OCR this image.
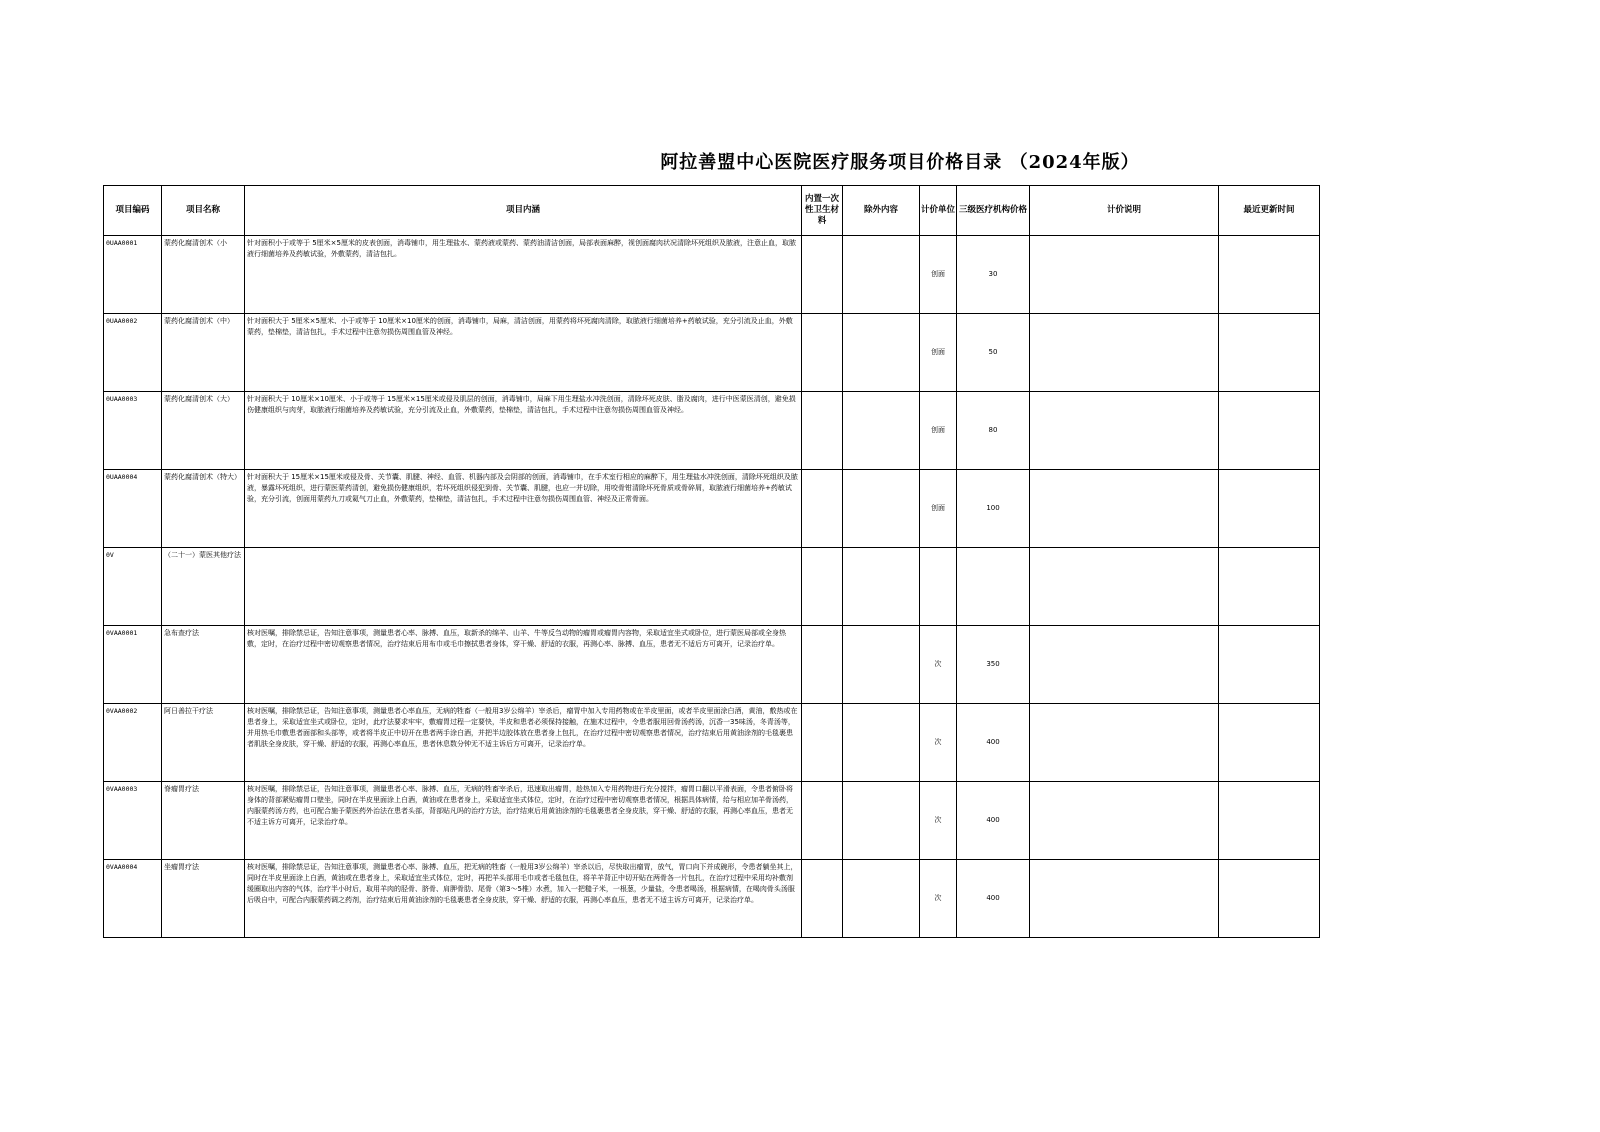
阿拉善盟中心医院医疗服务项目价格目录 （2024年版）
项目编码	项目名称	项目内涵	内置一次性卫生材料	除外内容	计价单位	三级医疗机构价格	计价说明	最近更新时间

0UAA0001	蒙药化腐清创术（小	针对面积小于或等于 5厘米×5厘米的皮表创面，消毒铺巾，用生理盐水、蒙药液或蒙药、蒙药油清洁创面，局部表面麻醉，视创面腐肉状况清除坏死组织及脓液，注意止血，取脓液行细菌培养及药敏试验，外敷蒙药，清洁包扎。			创面	30		

0UAA0002	蒙药化腐清创术（中）	针对面积大于 5厘米×5厘米、小于或等于 10厘米×10厘米的创面，消毒铺巾，局麻，清洁创面，用蒙药将坏死腐肉清除，取脓液行细菌培养+药敏试验，充分引流及止血，外敷蒙药，垫棉垫，清洁包扎，手术过程中注意勿损伤周围血管及神经。			创面	50		

0UAA0003	蒙药化腐清创术（大）	针对面积大于 10厘米×10厘米、小于或等于 15厘米×15厘米或侵及肌层的创面，消毒铺巾，局麻下用生理盐水冲洗创面，清除坏死皮肤、脂及腐肉，进行中医蒙医清创，避免损伤健康组织与肉芽，取脓液行细菌培养及药敏试验，充分引流及止血，外敷蒙药，垫棉垫，清洁包扎，手术过程中注意勿损伤周围血管及神经。			创面	80		

0UAA0004	蒙药化腐清创术（特大）	针对面积大于 15厘米×15厘米或侵及骨、关节囊、肌腱、神经、血管、机器内部及会阴部的创面，消毒铺巾，在手术室行相应的麻醉下，用生理盐水冲洗创面，清除坏死组织及脓液，暴露坏死组织，进行蒙医蒙药清创，避免损伤健康组织，若坏死组织侵犯到骨、关节囊、肌腱，也应一并切除，用咬骨钳清除坏死骨质或骨碎屑，取脓液行细菌培养+药敏试验，充分引流，创面用蒙药九刀或氦气刀止血，外敷蒙药，垫棉垫，清洁包扎，手术过程中注意勿损伤周围血管、神经及正常骨面。			创面	100		

0V	（二十一）蒙医其他疗法							

0VAA0001	急布查疗法	核对医嘱，排除禁忌证，告知注意事项，测量患者心率、脉搏、血压，取新杀的绵羊、山羊、牛等反刍动物的瘤胃或瘤胃内容物，采取适宜坐式或卧位，进行蒙医局部或全身热敷，定时，在治疗过程中密切观察患者情况，治疗结束后用布巾或毛巾擦拭患者身体，穿干燥、舒适的衣服，再测心率、脉搏、血压，患者无不适后方可离开，记录治疗单。			次	350		

0VAA0002	阿日善拉干疗法	核对医嘱，排除禁忌证，告知注意事项，测量患者心率血压，无病的牲畜（一般用3岁公绵羊）宰杀后，瘤胃中加入专用药物或在半皮里面，或者半皮里面涂白酒，黄油，敷热或在患者身上，采取适宜坐式或卧位，定时，此疗法要求牢牢，敷瘤胃过程一定要快，半皮和患者必须保持接触，在施术过程中，令患者服用回骨汤药汤，沉香一35味汤，冬青汤等，并用热毛巾敷患者面部和头部等，或者将半皮正中切开在患者两手涂白酒，并把半边胶体放在患者身上包扎，在治疗过程中密切观察患者情况，治疗结束后用黄油涂剂的毛毯裹患者肌肤全身皮肤，穿干燥、舒适的衣服，再测心率血压，患者休息数分钟无不适主诉后方可离开，记录治疗单。			次	400		

0VAA0003	脊瘤胃疗法	核对医嘱，排除禁忌证，告知注意事项，测量患者心率、脉搏、血压，无病的牲畜宰杀后，迅速取出瘤胃，趁热加入专用药物进行充分搅拌，瘤胃口翻以平滑表面，令患者俯卧将身体的背部紧贴瘤胃口壁坐，同时在半皮里面涂上白酒，黄油或在患者身上，采取适宜坐式体位，定时，在治疗过程中密切观察患者情况，根据具体病情，给与相应加羊骨汤药，内服蒙药汤方药，也可配合施予蒙医药外治法在患者头部，背部贴凡吗的治疗方法，治疗结束后用黄油涂剂的毛毯裹患者全身皮肤，穿干燥、舒适的衣服，再测心率血压，患者无不适主诉方可离开，记录治疗单。			次	400		

0VAA0004	坐瘤胃疗法	核对医嘱，排除禁忌证，告知注意事项，测量患者心率、脉搏、血压，把无病的牲畜（一般用3岁公绵羊）宰杀以后，尽快取出瘤胃，放气，胃口向下并成碗形，令患者躺坐其上，同时在半皮里面涂上白酒，黄油或在患者身上，采取适宜坐式体位，定时，再把羊头部用毛巾或者毛毯包住，将羊羊背正中切开贴在两骨各一片包扎，在治疗过程中采用均补敷剂缓圈取出内容的气体，治疗半小时后，取用羊肉的胫骨、脐骨、肩胛骨肋、尾骨（第3～5椎）水煮，加入一把糙子米，一根葱，少量盐，令患者喝汤，根据病情，在喝肉骨头汤服后吸自中，可配合内服蒙药调之药剂，治疗结束后用黄油涂剂的毛毯裹患者全身皮肤，穿干燥、舒适的衣服，再测心率血压，患者无不适主诉方可离开，记录治疗单。			次	400		
